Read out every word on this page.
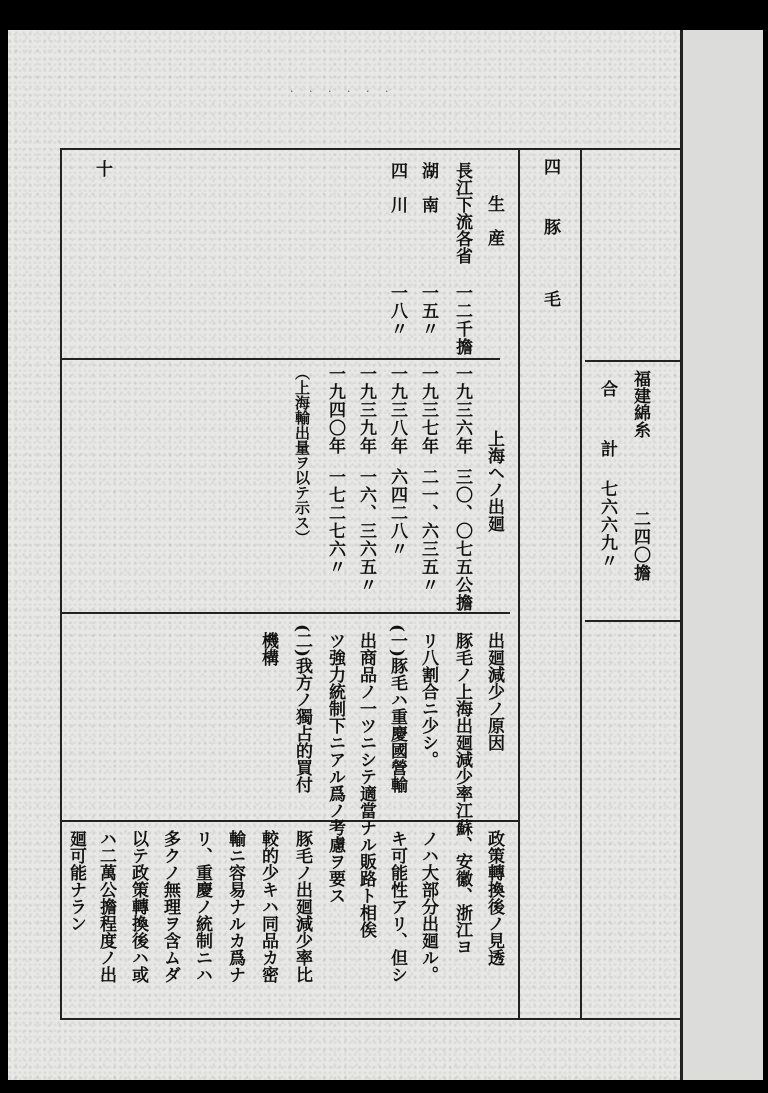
· · · · · ·
十
福建綿糸
二四〇擔
合
計
七六六九〃
四
豚
毛
生　産
上海ヘノ出廻
出廻減少ノ原因
政策轉換後ノ見透
長江下流各省
一二千擔
湖　南
一五〃
四　川
一八〃
一九三六年
三〇、〇七五公擔
一九三七年
二一、六三五〃
一九三八年
六四二八〃
一九三九年
一六、三六五〃
一九四〇年
一七二七六〃
（上海輸出量ヲ以テ示ス）
豚毛ノ上海出廻減少率江蘇、安徽、浙江ヨ
リ八割合ニ少シ。
(一)豚毛ハ重慶國營輸
出商品ノ一ツニシテ適當ナル販路ト相俟
ツ強力統制下ニアル爲ノ考慮ヲ要ス
(二)我方ノ獨占的買付
機構
ノハ大部分出廻ル。
キ可能性アリ、但シ
豚毛ノ出廻減少率比
較的少キハ同品カ密
輸ニ容易ナルカ爲ナ
リ、重慶ノ統制ニハ
多クノ無理ヲ含ムダ
以テ政策轉換後ハ或
ハ二萬公擔程度ノ出
廻可能ナラン
